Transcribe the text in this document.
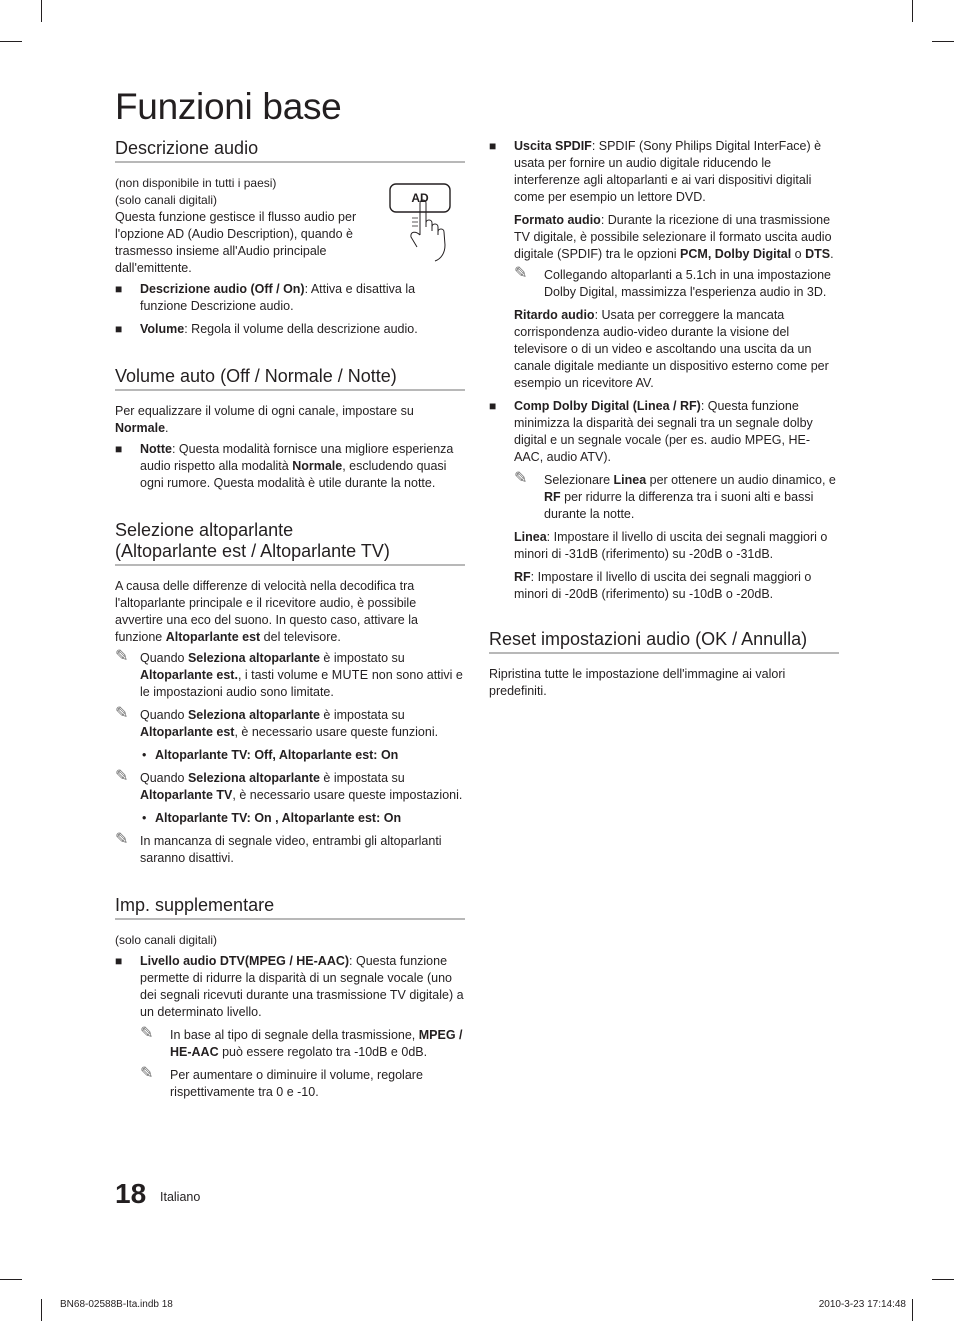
Funzioni base
Descrizione audio

(non disponibile in tutti i paesi)

(solo canali digitali)

Questa funzione gestisce il flusso audio per l'opzione AD (Audio Description), quando è trasmesso insieme all'Audio principale dall'emittente.

■ Descrizione audio (Off / On): Attiva e disattiva la funzione Descrizione audio.
■ Volume: Regola il volume della descrizione audio.
Volume auto (Off / Normale / Notte)

Per equalizzare il volume di ogni canale, impostare su Normale.

■ Notte: Questa modalità fornisce una migliore esperienza audio rispetto alla modalità Normale, escludendo quasi ogni rumore. Questa modalità è utile durante la notte.
Selezione altoparlante
(Altoparlante est / Altoparlante TV)

A causa delle differenze di velocità nella decodifica tra l'altoparlante principale e il ricevitore audio, è possibile avvertire una eco del suono. In questo caso, attivare la funzione Altoparlante est del televisore.

✎ Quando Seleziona altoparlante è impostato su Altoparlante est., i tasti volume e MUTE non sono attivi e le impostazioni audio sono limitate.
✎ Quando Seleziona altoparlante è impostata su Altoparlante est, è necessario usare queste funzioni.
• Altoparlante TV: Off, Altoparlante est: On
✎ Quando Seleziona altoparlante è impostata su Altoparlante TV, è necessario usare queste impostazioni.
• Altoparlante TV: On , Altoparlante est: On
✎ In mancanza di segnale video, entrambi gli altoparlanti saranno disattivi.
Imp. supplementare

(solo canali digitali)

■ Livello audio DTV(MPEG / HE-AAC): Questa funzione permette di ridurre la disparità di un segnale vocale (uno dei segnali ricevuti durante una trasmissione TV digitale) a un determinato livello.
✎ In base al tipo di segnale della trasmissione, MPEG / HE-AAC può essere regolato tra -10dB e 0dB.
✎ Per aumentare o diminuire il volume, regolare rispettivamente tra 0 e -10.
AD
■ Uscita SPDIF: SPDIF (Sony Philips Digital InterFace) è usata per fornire un audio digitale riducendo le interferenze agli altoparlanti e ai vari dispositivi digitali come per esempio un lettore DVD.

Formato audio: Durante la ricezione di una trasmissione TV digitale, è possibile selezionare il formato uscita audio digitale (SPDIF) tra le opzioni PCM, Dolby Digital o DTS.

✎ Collegando altoparlanti a 5.1ch in una impostazione Dolby Digital, massimizza l'esperienza audio in 3D.

Ritardo audio: Usata per correggere la mancata corrispondenza audio-video durante la visione del televisore o di un video e ascoltando una uscita da un canale digitale mediante un dispositivo esterno come per esempio un ricevitore AV.

■ Comp Dolby Digital (Linea / RF): Questa funzione minimizza la disparità dei segnali tra un segnale dolby digital e un segnale vocale (per es. audio MPEG, HE-AAC, audio ATV).
✎ Selezionare Linea per ottenere un audio dinamico, e RF per ridurre la differenza tra i suoni alti e bassi durante la notte.

Linea: Impostare il livello di uscita dei segnali maggiori o minori di -31dB (riferimento) su -20dB o -31dB.

RF: Impostare il livello di uscita dei segnali maggiori o minori di -20dB (riferimento) su -10dB o -20dB.

Reset impostazioni audio (OK / Annulla)

Ripristina tutte le impostazione dell'immagine ai valori predefiniti.

18 Italiano
BN68-02588B-Ita.indb 18	2010-3-23 17:14:48
